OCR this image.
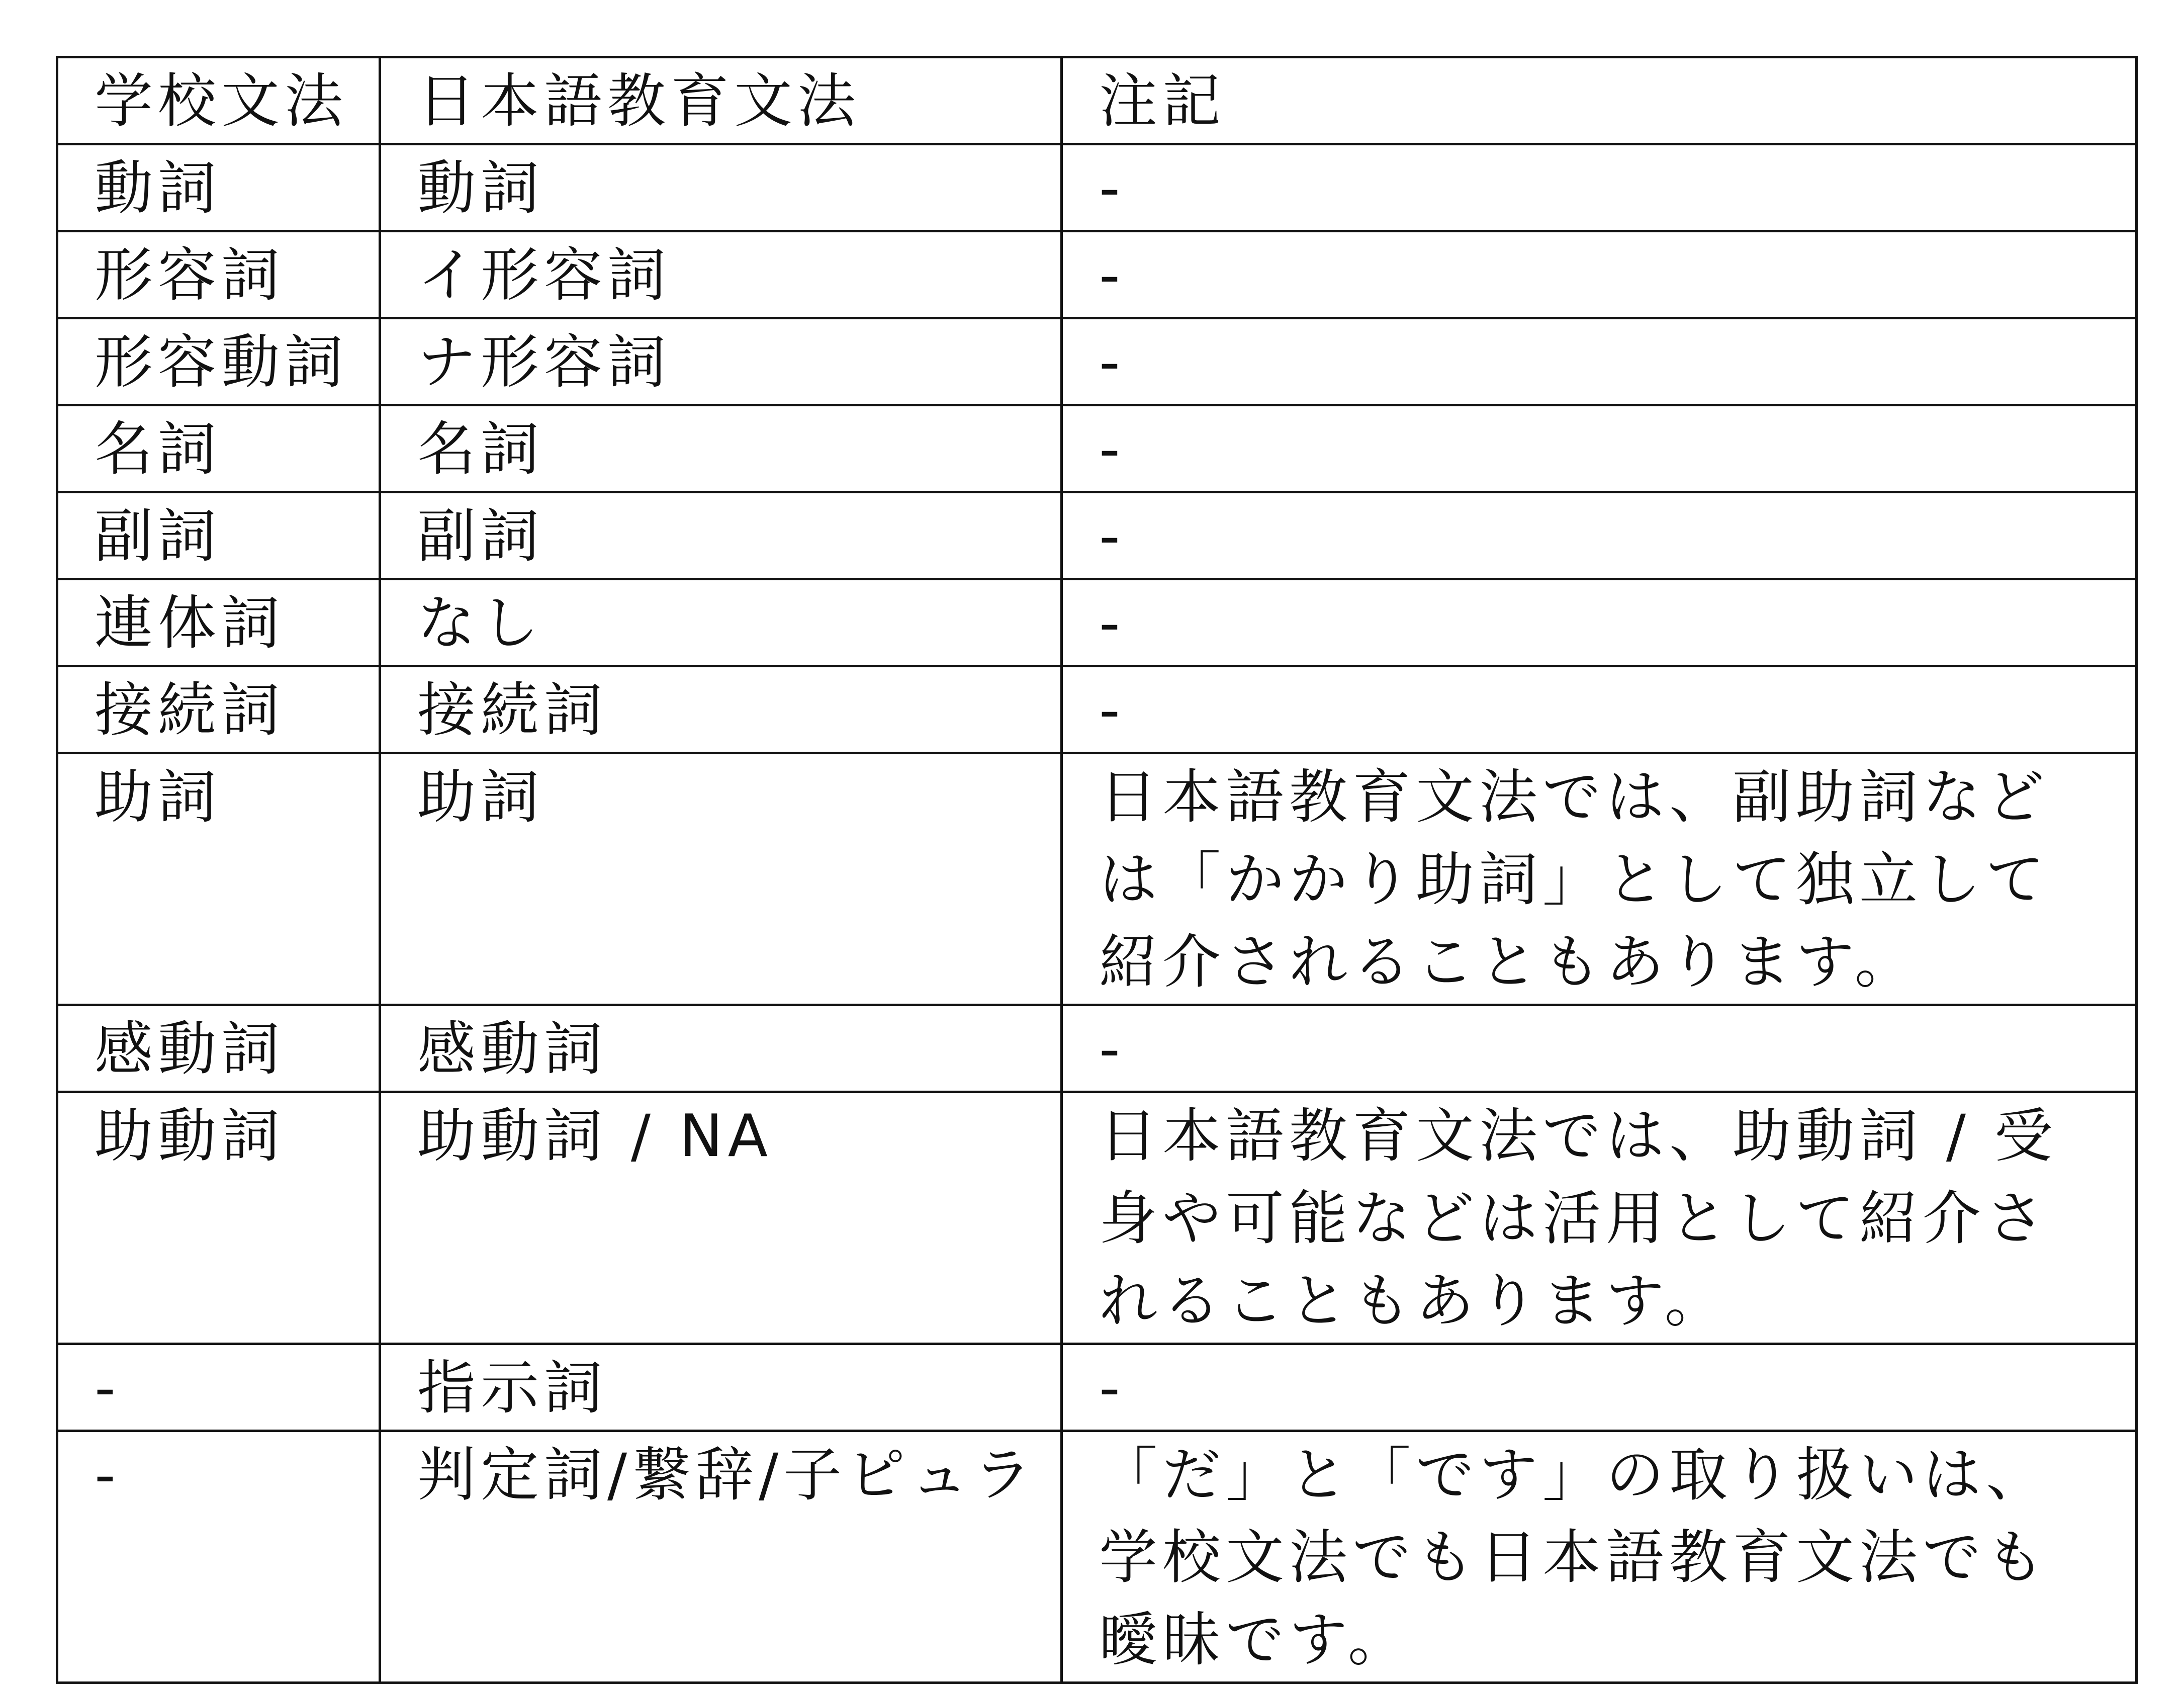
学校文法	日本語教育文法	注記
動詞	動詞	-
形容詞	イ形容詞	-
形容動詞	ナ形容詞	-
名詞	名詞	-
副詞	副詞	-
連体詞	なし	-
接続詞	接続詞	-
助詞	助詞	日本語教育文法では、副助詞などは「かかり助詞」として独立して紹介されることもあります。
感動詞	感動詞	-
助動詞	助動詞 / NA	日本語教育文法では、助動詞 / 受身や可能などは活用として紹介されることもあります。
-	指示詞	-
-	判定詞/繋辞/子ピュラ	「だ」と「です」の取り扱いは、学校文法でも日本語教育文法でも曖昧です。
